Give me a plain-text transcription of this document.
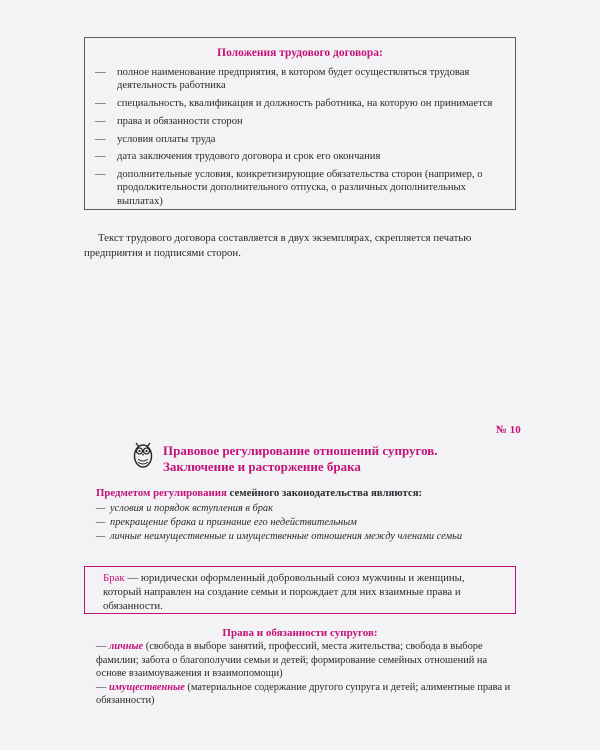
Положения трудового договора:
— полное наименование предприятия, в котором будет осуществляться трудовая деятельность работника
— специальность, квалификация и должность работника, на которую он принимается
— права и обязанности сторон
— условия оплаты труда
— дата заключения трудового договора и срок его окончания
— дополнительные условия, конкретизирующие обязательства сторон (например, о продолжительности дополнительного отпуска, о различных дополнительных выплатах)

Текст трудового договора составляется в двух экземплярах, скрепляется печатью предприятия и подписями сторон.

№ 10
Правовое регулирование отношений супругов.
Заключение и расторжение брака

Предметом регулирования семейного законодательства являются:

— условия и порядок вступления в брак
— прекращение брака и признание его недействительным
— личные неимущественные и имущественные отношения между членами семьи
Брак — юридически оформленный добровольный союз мужчины и женщины, который направлен на создание семьи и порождает для них взаимные права и обязанности.
Права и обязанности супругов:

— личные (свобода в выборе занятий, профессий, места жительства; свобода в выборе фамилии; забота о благополучии семьи и детей; формирование семейных отношений на основе взаимоуважения и взаимопомощи)

— имущественные (материальное содержание другого супруга и детей; алиментные права и обязанности)
